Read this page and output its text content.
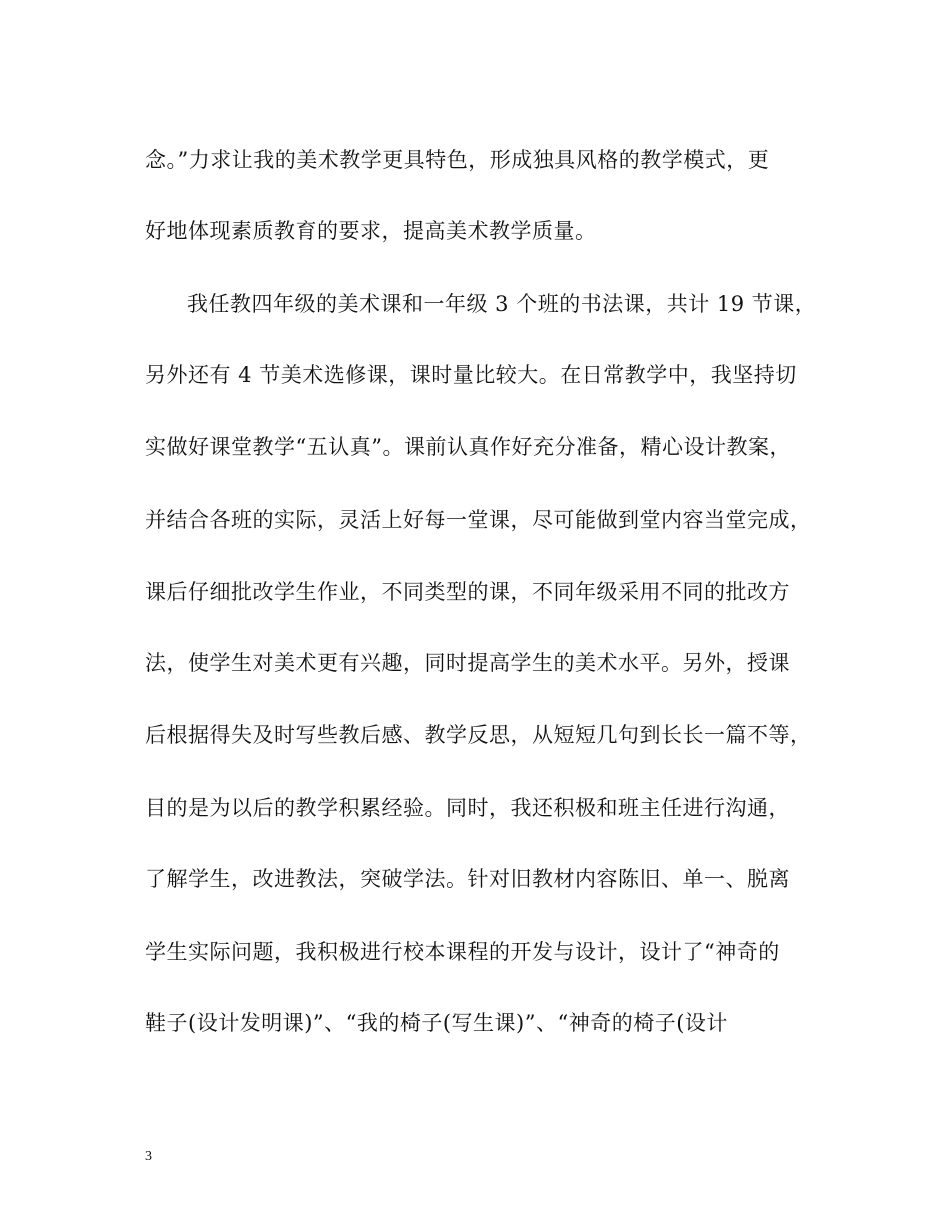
念。”力求让我的美术教学更具特色，形成独具风格的教学模式，更
好地体现素质教育的要求，提高美术教学质量。
我任教四年级的美术课和一年级 3 个班的书法课，共计 19 节课，
另外还有 4 节美术选修课，课时量比较大。在日常教学中，我坚持切
实做好课堂教学“五认真”。课前认真作好充分准备，精心设计教案，
并结合各班的实际，灵活上好每一堂课，尽可能做到堂内容当堂完成，
课后仔细批改学生作业，不同类型的课，不同年级采用不同的批改方
法，使学生对美术更有兴趣，同时提高学生的美术水平。另外，授课
后根据得失及时写些教后感、教学反思，从短短几句到长长一篇不等，
目的是为以后的教学积累经验。同时，我还积极和班主任进行沟通，
了解学生，改进教法，突破学法。针对旧教材内容陈旧、单一、脱离
学生实际问题，我积极进行校本课程的开发与设计，设计了“神奇的
鞋子(设计发明课)”、“我的椅子(写生课)”、“神奇的椅子(设计
3
